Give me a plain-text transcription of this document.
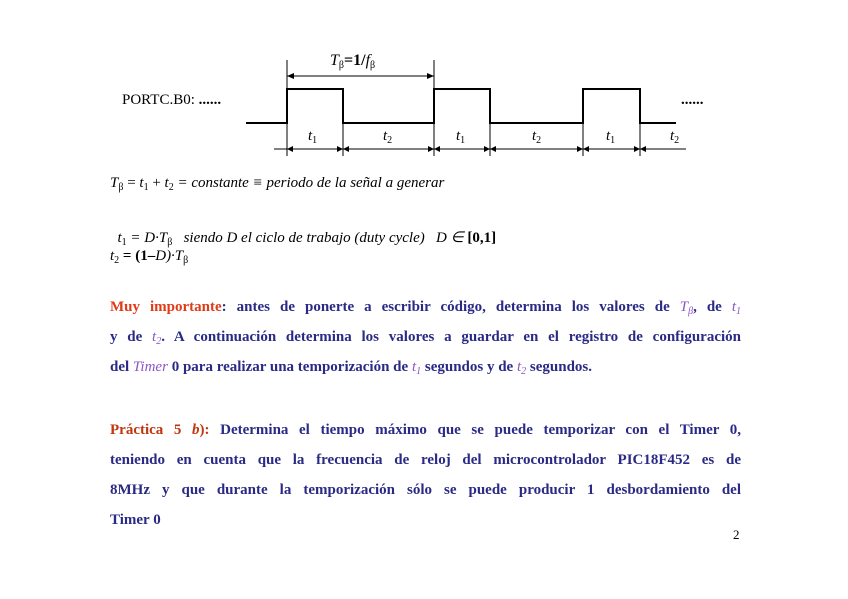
$T_\beta=1/f_\beta$
PORTC.B0: ......	......
$t_1$	$t_2$	$t_1$	$t_2$	$t_1$	$t_2$
$T_\beta = t_1 + t_2$ = constante ≡ periodo de la señal a generar

$t_1 = D\cdot T_\beta$   siendo D el ciclo de trabajo (duty cycle)   D ∈ [0,1]

$t_2 = (1-D)\cdot T_\beta$
Muy importante: antes de ponerte a escribir código, determina los valores de $T_\beta$, de $t_1$
y de $t_2$. A continuación determina los valores a guardar en el registro de configuración
del Timer 0 para realizar una temporización de $t_1$ segundos y de $t_2$ segundos.
Práctica 5 b): Determina el tiempo máximo que se puede temporizar con el Timer 0,
teniendo en cuenta que la frecuencia de reloj del microcontrolador PIC18F452 es de
8MHz y que durante la temporización sólo se puede producir 1 desbordamiento del
Timer 0
2
